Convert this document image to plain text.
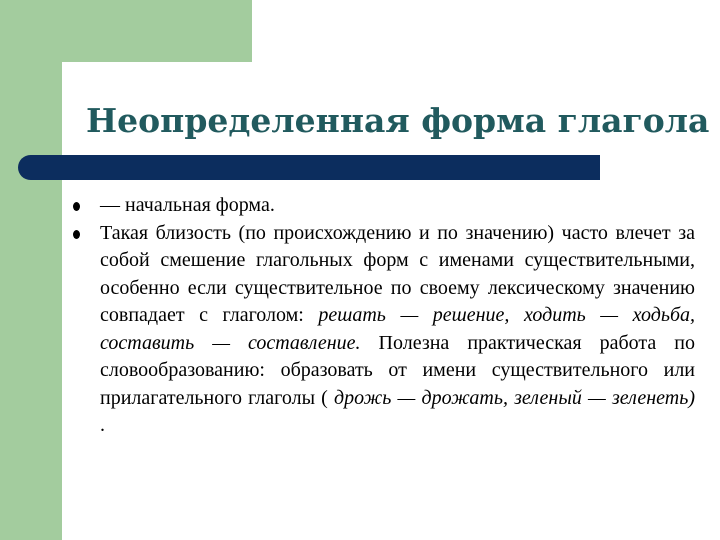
Неопределенная форма глагола
— начальная форма.
Такая близость (по происхождению и по значению) часто влечет за собой смешение глагольных форм с именами существительными, особенно если существительное по своему лексическому значению совпадает с глаголом: решать — решение, ходить — ходьба, составить — составление. Полезна практическая работа по словообразованию: образовать от имени существительного или прилагательного глаголы ( дрожь — дрожать, зеленый — зеленеть) .
